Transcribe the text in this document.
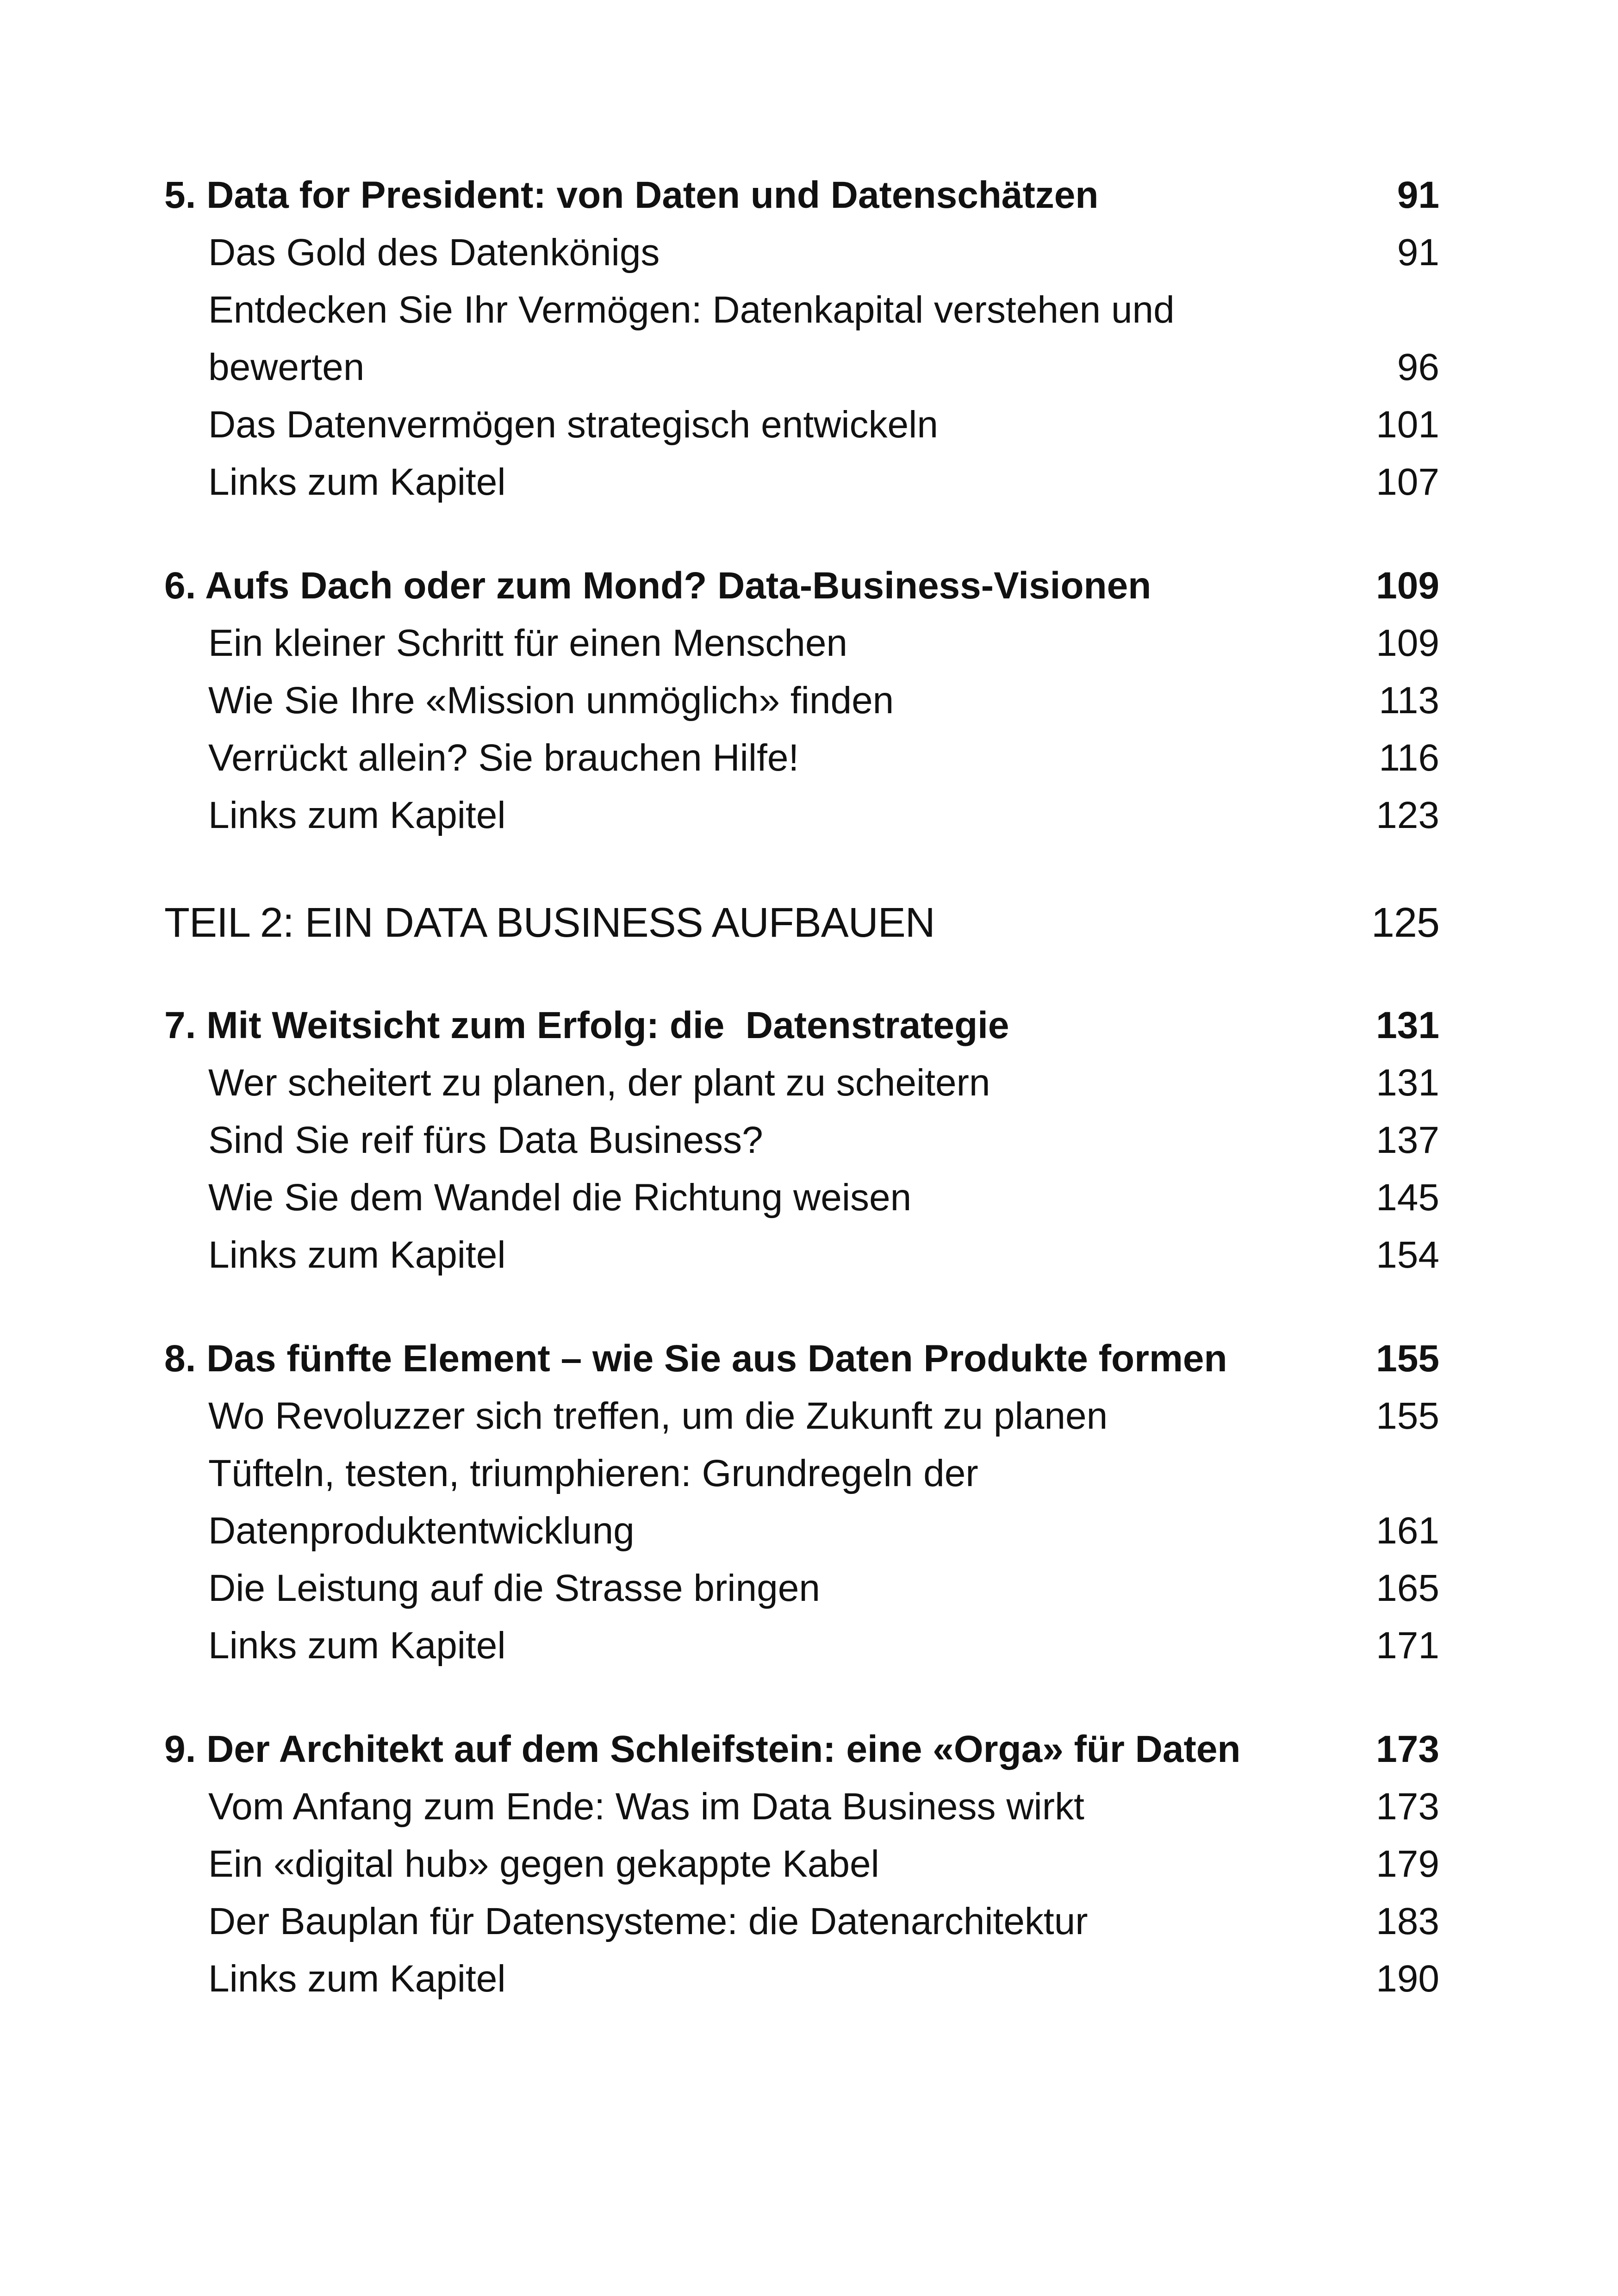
5. Data for President: von Daten und Datenschätzen	91
Das Gold des Datenkönigs	91
Entdecken Sie Ihr Vermögen: Datenkapital verstehen und
bewerten	96
Das Datenvermögen strategisch entwickeln	101
Links zum Kapitel	107
6. Aufs Dach oder zum Mond? Data-Business-Visionen	109
Ein kleiner Schritt für einen Menschen	109
Wie Sie Ihre «Mission unmöglich» finden	113
Verrückt allein? Sie brauchen Hilfe!	116
Links zum Kapitel	123
TEIL 2: EIN DATA BUSINESS AUFBAUEN	125
7. Mit Weitsicht zum Erfolg: die  Datenstrategie	131
Wer scheitert zu planen, der plant zu scheitern	131
Sind Sie reif fürs Data Business?	137
Wie Sie dem Wandel die Richtung weisen	145
Links zum Kapitel	154
8. Das fünfte Element – wie Sie aus Daten Produkte formen	155
Wo Revoluzzer sich treffen, um die Zukunft zu planen	155
Tüfteln, testen, triumphieren: Grundregeln der
Datenproduktentwicklung	161
Die Leistung auf die Strasse bringen	165
Links zum Kapitel	171
9. Der Architekt auf dem Schleifstein: eine «Orga» für Daten	173
Vom Anfang zum Ende: Was im Data Business wirkt	173
Ein «digital hub» gegen gekappte Kabel	179
Der Bauplan für Datensysteme: die Datenarchitektur	183
Links zum Kapitel	190
